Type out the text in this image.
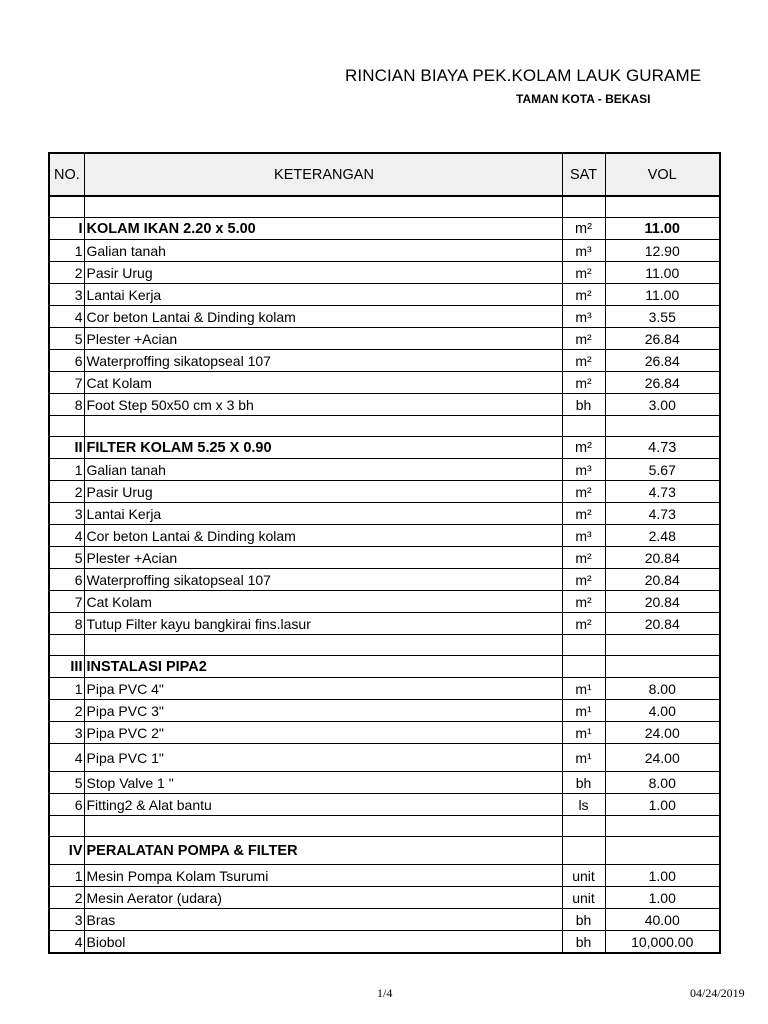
RINCIAN BIAYA PEK.KOLAM LAUK GURAME
TAMAN KOTA - BEKASI
NO.	KETERANGAN	SAT	VOL

I	KOLAM IKAN 2.20 x 5.00	m²	11.00
1	Galian tanah	m³	12.90
2	Pasir Urug	m²	11.00
3	Lantai Kerja	m²	11.00
4	Cor beton Lantai & Dinding kolam	m³	3.55
5	Plester +Acian	m²	26.84
6	Waterproffing sikatopseal 107	m²	26.84
7	Cat Kolam	m²	26.84
8	Foot Step 50x50 cm x 3 bh	bh	3.00

II	FILTER KOLAM 5.25 X 0.90	m²	4.73
1	Galian tanah	m³	5.67
2	Pasir Urug	m²	4.73
3	Lantai Kerja	m²	4.73
4	Cor beton Lantai & Dinding kolam	m³	2.48
5	Plester +Acian	m²	20.84
6	Waterproffing sikatopseal 107	m²	20.84
7	Cat Kolam	m²	20.84
8	Tutup Filter kayu bangkirai fins.lasur	m²	20.84

III	INSTALASI PIPA2		
1	Pipa PVC 4"	m¹	8.00
2	Pipa PVC 3"	m¹	4.00
3	Pipa PVC 2"	m¹	24.00
4	Pipa PVC 1"	m¹	24.00
5	Stop Valve 1 "	bh	8.00
6	Fitting2 & Alat bantu	ls	1.00

IV	PERALATAN POMPA & FILTER		
1	Mesin Pompa Kolam Tsurumi	unit	1.00
2	Mesin Aerator (udara)	unit	1.00
3	Bras	bh	40.00
4	Biobol	bh	10,000.00
1/4	04/24/2019
